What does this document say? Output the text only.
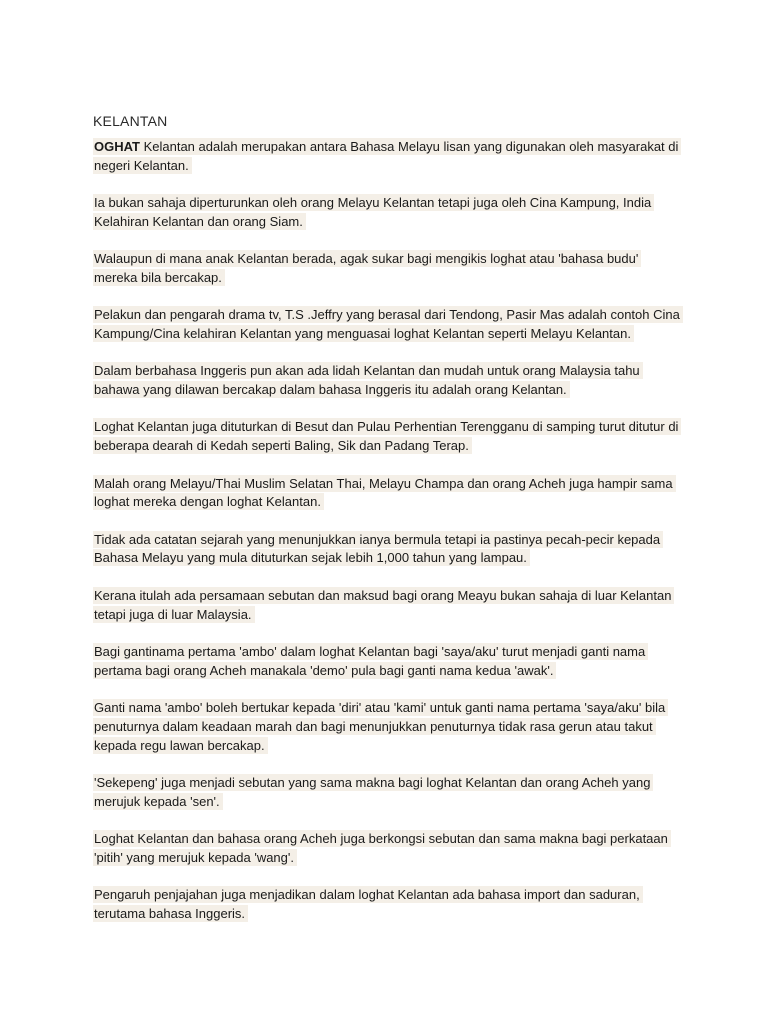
KELANTAN

OGHAT Kelantan adalah merupakan antara Bahasa Melayu lisan yang digunakan oleh masyarakat di negeri Kelantan.

Ia bukan sahaja diperturunkan oleh orang Melayu Kelantan tetapi juga oleh Cina Kampung, India Kelahiran Kelantan dan orang Siam.

Walaupun di mana anak Kelantan berada, agak sukar bagi mengikis loghat atau 'bahasa budu' mereka bila bercakap.

Pelakun dan pengarah drama tv, T.S .Jeffry yang berasal dari Tendong, Pasir Mas adalah contoh Cina Kampung/Cina kelahiran Kelantan yang menguasai loghat Kelantan seperti Melayu Kelantan.

Dalam berbahasa Inggeris pun akan ada lidah Kelantan dan mudah untuk orang Malaysia tahu bahawa yang dilawan bercakap dalam bahasa Inggeris itu adalah orang Kelantan.

Loghat Kelantan juga dituturkan di Besut dan Pulau Perhentian Terengganu di samping turut ditutur di beberapa dearah di Kedah seperti Baling, Sik dan Padang Terap.

Malah orang Melayu/Thai Muslim Selatan Thai, Melayu Champa dan orang Acheh juga hampir sama loghat mereka dengan loghat Kelantan.

Tidak ada catatan sejarah yang menunjukkan ianya bermula tetapi ia pastinya pecah-pecir kepada Bahasa Melayu yang mula dituturkan sejak lebih 1,000 tahun yang lampau.

Kerana itulah ada persamaan sebutan dan maksud bagi orang Meayu bukan sahaja di luar Kelantan tetapi juga di luar Malaysia.

Bagi gantinama pertama 'ambo' dalam loghat Kelantan bagi 'saya/aku' turut menjadi ganti nama pertama bagi orang Acheh manakala 'demo' pula bagi ganti nama kedua 'awak'.

Ganti nama 'ambo' boleh bertukar kepada 'diri' atau 'kami' untuk ganti nama pertama 'saya/aku' bila penuturnya dalam keadaan marah dan bagi menunjukkan penuturnya tidak rasa gerun atau takut kepada regu lawan bercakap.

'Sekepeng' juga menjadi sebutan yang sama makna bagi loghat Kelantan dan orang Acheh yang merujuk kepada 'sen'.

Loghat Kelantan dan bahasa orang Acheh juga berkongsi sebutan dan sama makna bagi perkataan 'pitih' yang merujuk kepada 'wang'.

Pengaruh penjajahan juga menjadikan dalam loghat Kelantan ada bahasa import dan saduran, terutama bahasa Inggeris.
